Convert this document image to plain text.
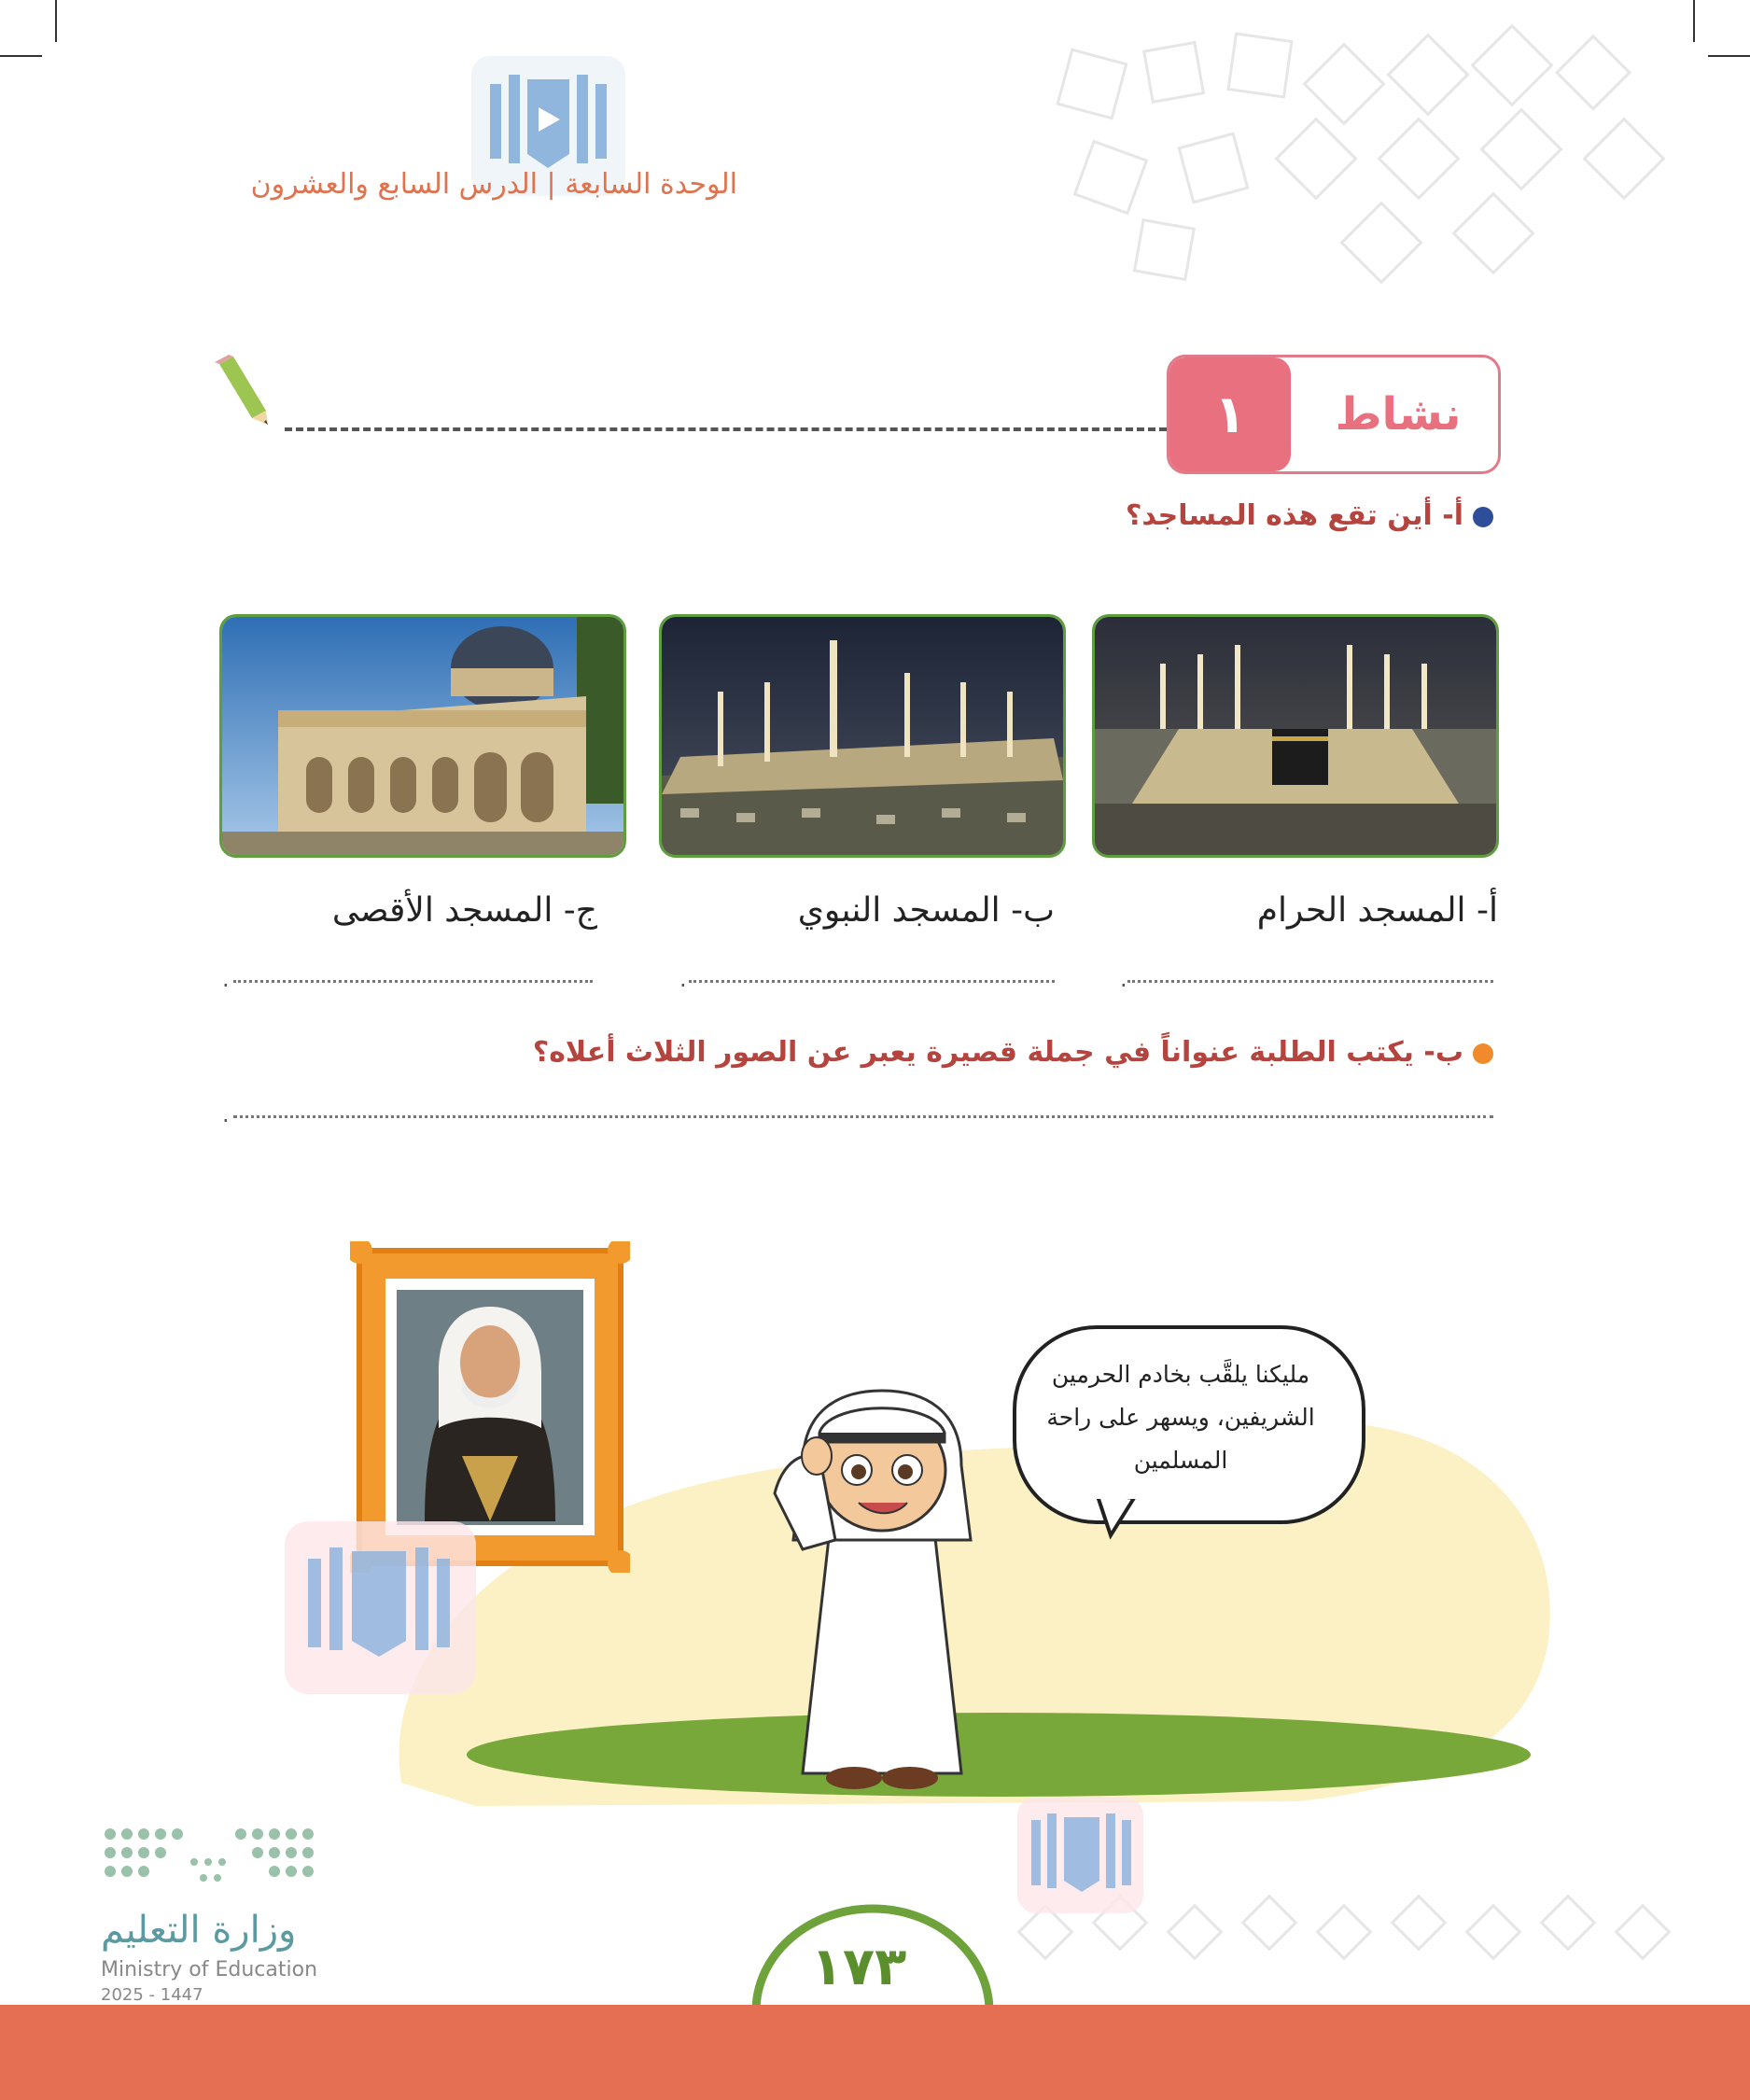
الوحدة السابعة | الدرس السابع والعشرون
١	نشاط
أ- أين تقع هذه المساجد؟
أ- المسجد الحرام
ب- المسجد النبوي
ج- المسجد الأقصى
.
.
.
ب- يكتب الطلبة عنواناً في جملة قصيرة يعبر عن الصور الثلاث أعلاه؟
.
مليكنا يلقَّب بخادم الحرمين الشريفين، ويسهر على راحة المسلمين
وزارة التعليم
Ministry of Education
2025 - 1447	١٧٣
